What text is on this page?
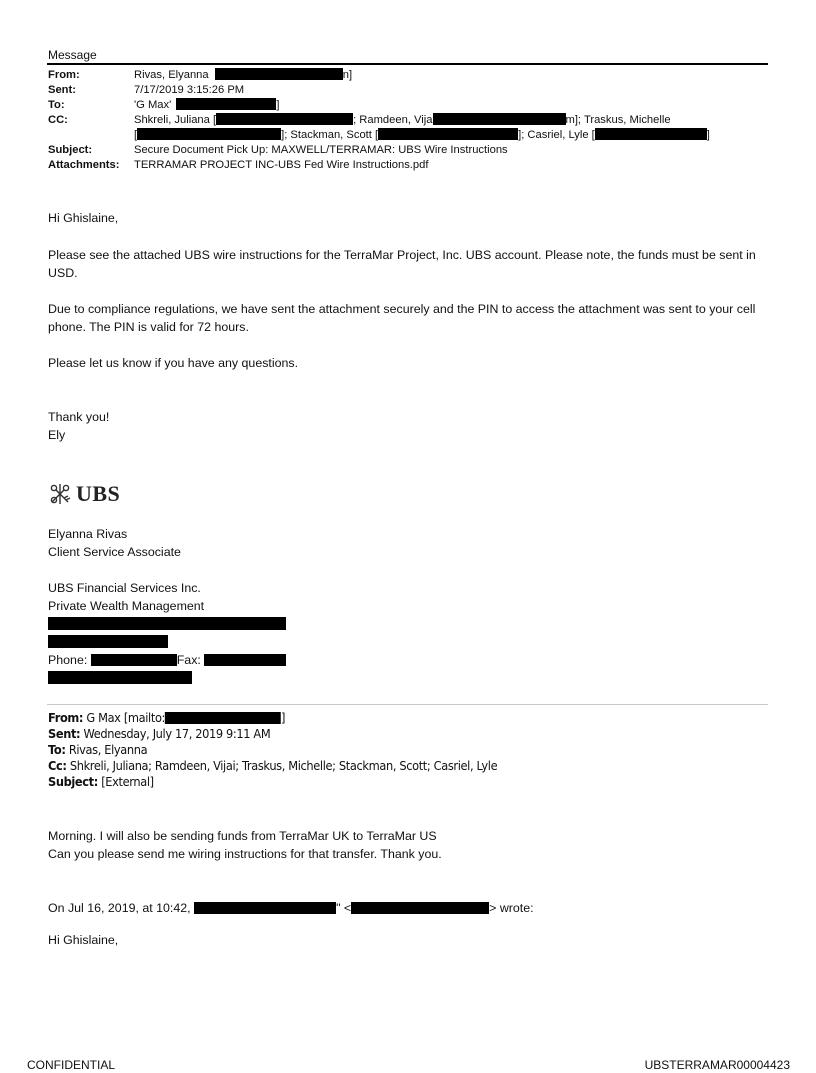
Message
From:	Rivas, Elyanna	n]
Sent:	7/17/2019 3:15:26 PM
To:	'G Max'	]
CC:	Shkreli, Juliana [	; Ramdeen, Vija	m]; Traskus, Michelle
[	]; Stackman, Scott [	]; Casriel, Lyle [	]
Subject:	Secure Document Pick Up: MAXWELL/TERRAMAR: UBS Wire Instructions
Attachments:	TERRAMAR PROJECT INC-UBS Fed Wire Instructions.pdf
Hi Ghislaine,
Please see the attached UBS wire instructions for the TerraMar Project, Inc. UBS account. Please note, the funds must be sent in USD.
Due to compliance regulations, we have sent the attachment securely and the PIN to access the attachment was sent to your cell phone. The PIN is valid for 72 hours.
Please let us know if you have any questions.
Thank you!
Ely
UBS
Elyanna Rivas
Client Service Associate
UBS Financial Services Inc.
Private Wealth Management
Phone:	Fax:
From: G Max [mailto:	]
Sent: Wednesday, July 17, 2019 9:11 AM
To: Rivas, Elyanna
Cc: Shkreli, Juliana; Ramdeen, Vijai; Traskus, Michelle; Stackman, Scott; Casriel, Lyle
Subject: [External]
Morning. I will also be sending funds from TerraMar UK to TerraMar US
Can you please send me wiring instructions for that transfer. Thank you.
On Jul 16, 2019, at 10:42,	" <	> wrote:
Hi Ghislaine,
CONFIDENTIAL	UBSTERRAMAR00004423
